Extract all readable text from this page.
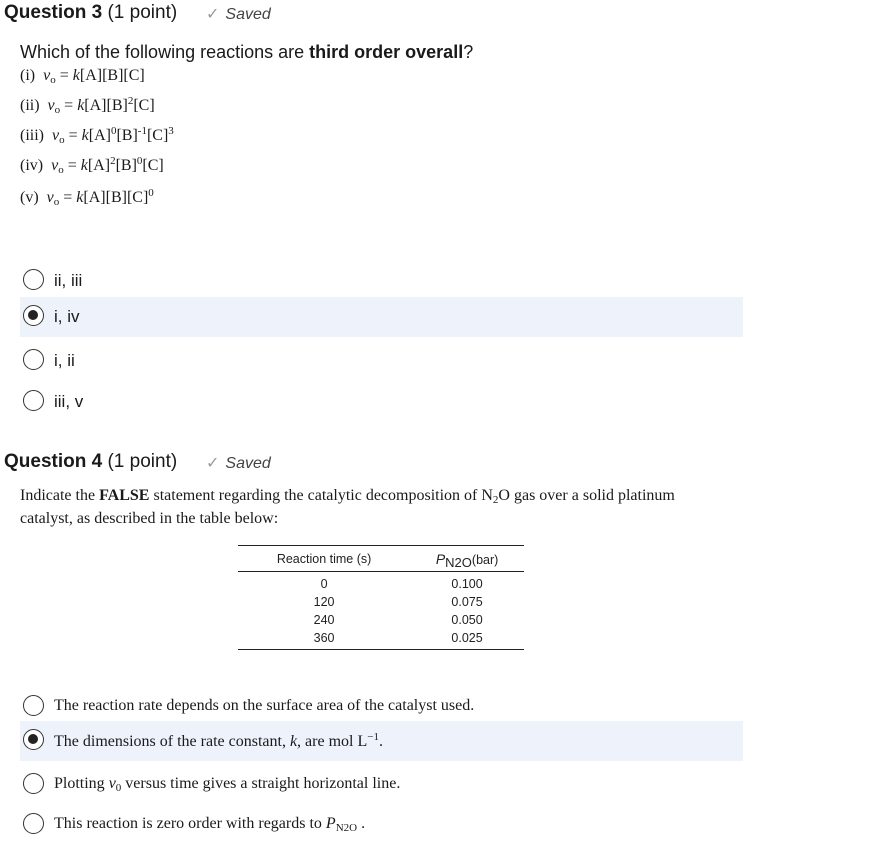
Question 3 (1 point) ✓ Saved
Which of the following reactions are third order overall?
(i) $v_o = k[A][B][C]$
(ii) $v_o = k[A][B]^2[C]$
(iii) $v_o = k[A]^0[B]^{-1}[C]^3$
(iv) $v_o = k[A]^2[B]^0[C]$
(v) $v_o = k[A][B][C]^0$
ii, iii
i, iv
i, ii
iii, v
Question 4 (1 point) ✓ Saved
Indicate the FALSE statement regarding the catalytic decomposition of $N_2O$ gas over a solid platinum
catalyst, as described in the table below:
Reaction time (s)	$P_{N2O}(bar)$
0	0.100
120	0.075
240	0.050
360	0.025
The reaction rate depends on the surface area of the catalyst used.
The dimensions of the rate constant, k, are mol $L^{-1}$.
Plotting $v_0$ versus time gives a straight horizontal line.
This reaction is zero order with regards to $P_{N2O}$ .
